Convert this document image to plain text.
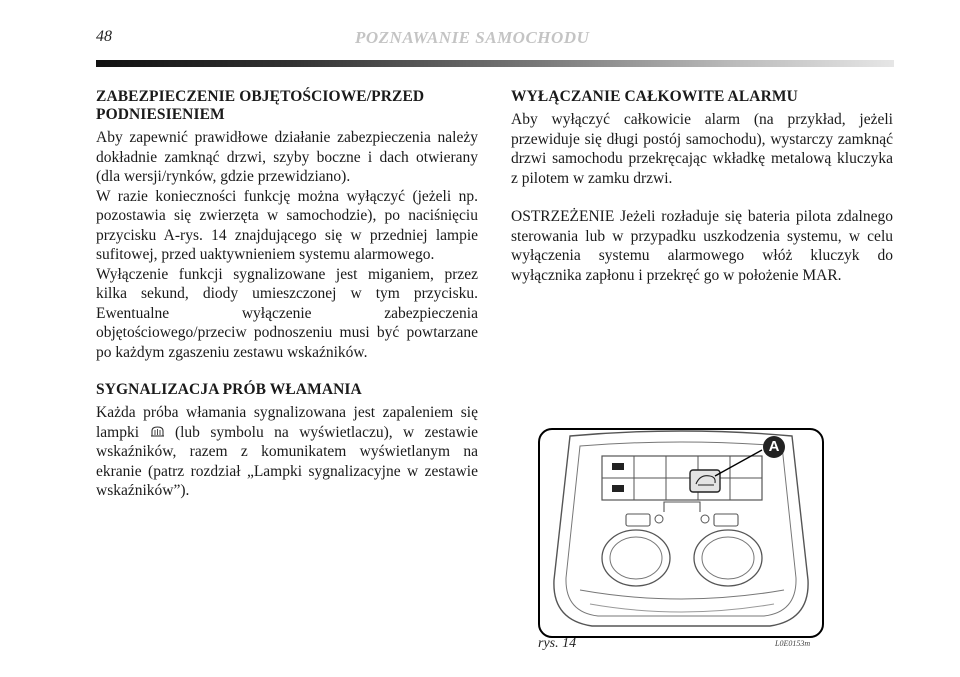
48	POZNAWANIE SAMOCHODU
ZABEZPIECZENIE OBJĘTOŚCIOWE/PRZED
PODNIESIENIEM

Aby zapewnić prawidłowe działanie zabezpieczenia należy dokładnie zamknąć drzwi, szyby boczne i dach otwierany (dla wersji/rynków, gdzie przewidziano).

W razie konieczności funkcję można wyłączyć (jeżeli np. pozostawia się zwierzęta w samochodzie), po naciśnięciu przycisku A-rys. 14 znajdującego się w przedniej lampie sufitowej, przed uaktywnieniem systemu alarmowego.

Wyłączenie funkcji sygnalizowane jest miganiem, przez kilka sekund, diody umieszczonej w tym przycisku. Ewentualne wyłączenie zabezpieczenia objętościowego/przeciw podnoszeniu musi być powtarzane po każdym zgaszeniu zestawu wskaźników.

SYGNALIZACJA PRÓB WŁAMANIA

Każda próba włamania sygnalizowana jest zapaleniem się lampki (lub symbolu na wyświetlaczu), w zestawie wskaźników, razem z komunikatem wyświetlanym na ekranie (patrz rozdział „Lampki sygnalizacyjne w zestawie wskaźników”).

WYŁĄCZANIE CAŁKOWITE ALARMU

Aby wyłączyć całkowicie alarm (na przykład, jeżeli przewiduje się długi postój samochodu), wystarczy zamknąć drzwi samochodu przekręcając wkładkę metalową kluczyka z pilotem w zamku drzwi.

OSTRZEŻENIE Jeżeli rozładuje się bateria pilota zdalnego sterowania lub w przypadku uszkodzenia systemu, w celu wyłączenia systemu alarmowego włóż kluczyk do wyłącznika zapłonu i przekręć go w położenie MAR.

A
rys. 14	L0E0153m
